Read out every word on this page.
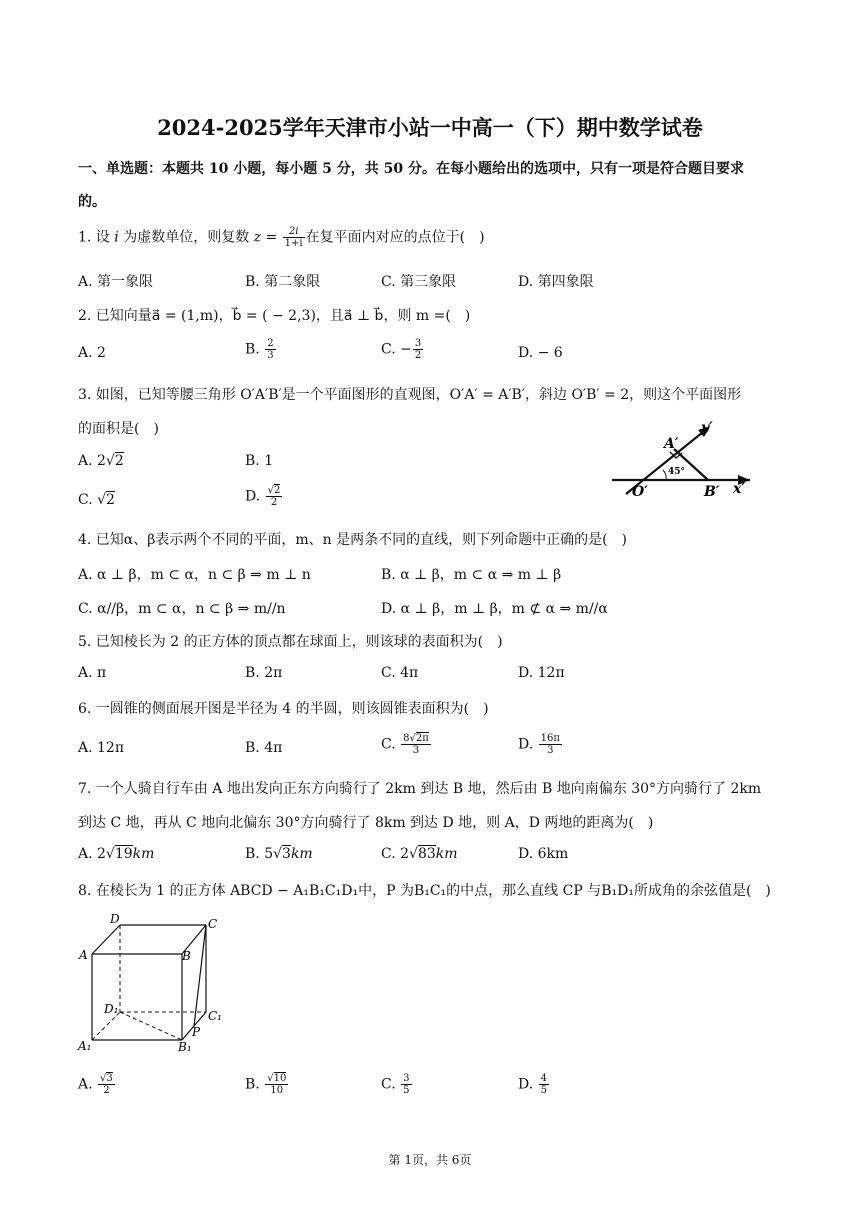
2024-2025学年天津市小站一中高一（下）期中数学试卷
一、单选题：本题共 10 小题，每小题 5 分，共 50 分。在每小题给出的选项中，只有一项是符合题目要求
的。
1. 设 i 为虚数单位，则复数 $z = \frac{2i}{1+i}$ 在复平面内对应的点位于(　)
A. 第一象限	B. 第二象限	C. 第三象限	D. 第四象限
2. 已知向量a⃗ = (1,m)，b⃗ = ( − 2,3)，且a⃗ ⊥ b⃗，则 m =(　)
A. 2	B. $\frac{2}{3}$	C. − $\frac{3}{2}$	D. − 6
3. 如图，已知等腰三角形 O′A′B′是一个平面图形的直观图，O′A′ = A′B′，斜边 O′B′ = 2，则这个平面图形
的面积是(　)
A. 2√2	B. 1
C. √2	D. $\frac{√2}{2}$
A′
y′
45°
O′	B′ x′
4. 已知α、β表示两个不同的平面，m、n 是两条不同的直线，则下列命题中正确的是(　)
A. α ⊥ β，m ⊂ α，n ⊂ β ⇒ m ⊥ n	B. α ⊥ β，m ⊂ α ⇒ m ⊥ β
C. α//β，m ⊂ α，n ⊂ β ⇒ m//n	D. α ⊥ β，m ⊥ β，m ⊄ α ⇒ m//α
5. 已知棱长为 2 的正方体的顶点都在球面上，则该球的表面积为(　)
A. π	B. 2π	C. 4π	D. 12π
6. 一圆锥的侧面展开图是半径为 4 的半圆，则该圆锥表面积为(　)
A. 12π	B. 4π	C. $\frac{8√2\pi}{3}$	D. $\frac{16\pi}{3}$
7. 一个人骑自行车由 A 地出发向正东方向骑行了 2km 到达 B 地，然后由 B 地向南偏东 30°方向骑行了 2km
到达 C 地，再从 C 地向北偏东 30°方向骑行了 8km 到达 D 地，则 A，D 两地的距离为(　)
A. 2√19km	B. 5√3km	C. 2√83km	D. 6km
8. 在棱长为 1 的正方体 ABCD − A₁B₁C₁D₁中，P 为B₁C₁的中点，那么直线 CP 与B₁D₁所成角的余弦值是(　)
D	C
A	B
D₁	C₁
P
A₁	B₁
A. $\frac{√3}{2}$	B. $\frac{√10}{10}$	C. $\frac{3}{5}$	D. $\frac{4}{5}$
第 1页，共 6页
